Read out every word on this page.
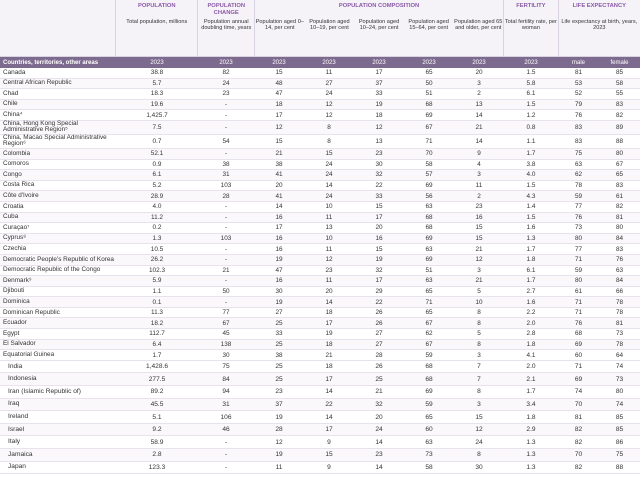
POPULATION
Total population, millions
POPULATION CHANGE
Population annual doubling time, years
POPULATION COMPOSITION
Population aged 0–14, per cent
Population aged 10–19, per cent
Population aged 10–24, per cent
Population aged 15–64, per cent
Population aged 65 and older, per cent
FERTILITY
Total fertility rate, per woman
LIFE EXPECTANCY
Life expectancy at birth, years, 2023
Countries, territories, other areas	2023	2023	2023	2023	2023	2023	2023	2023	male	female
Canada	38.8	82	15	11	17	65	20	1.5	81	85
Central African Republic	5.7	24	48	27	37	50	3	5.8	53	58
Chad	18.3	23	47	24	33	51	2	6.1	52	55
Chile	19.6	-	18	12	19	68	13	1.5	79	83
China⁴	1,425.7	-	17	12	18	69	14	1.2	76	82
China, Hong Kong Special Administrative Region⁵	7.5	-	12	8	12	67	21	0.8	83	89
China, Macao Special Administrative Region⁶	0.7	54	15	8	13	71	14	1.1	83	88
Colombia	52.1	-	21	15	23	70	9	1.7	75	80
Comoros	0.9	38	38	24	30	58	4	3.8	63	67
Congo	6.1	31	41	24	32	57	3	4.0	62	65
Costa Rica	5.2	103	20	14	22	69	11	1.5	78	83
Côte d'Ivoire	28.9	28	41	24	33	56	2	4.3	59	61
Croatia	4.0	-	14	10	15	63	23	1.4	77	82
Cuba	11.2	-	16	11	17	68	16	1.5	76	81
Curaçao⁷	0.2	-	17	13	20	68	15	1.6	73	80
Cyprus⁸	1.3	103	16	10	16	69	15	1.3	80	84
Czechia	10.5	-	16	11	15	63	21	1.7	77	83
Democratic People's Republic of Korea	26.2	-	19	12	19	69	12	1.8	71	76
Democratic Republic of the Congo	102.3	21	47	23	32	51	3	6.1	59	63
Denmark⁹	5.9	-	16	11	17	63	21	1.7	80	84
Djibouti	1.1	50	30	20	29	65	5	2.7	61	66
Dominica	0.1	-	19	14	22	71	10	1.6	71	78
Dominican Republic	11.3	77	27	18	26	65	8	2.2	71	78
Ecuador	18.2	67	25	17	26	67	8	2.0	76	81
Egypt	112.7	45	33	19	27	62	5	2.8	68	73
El Salvador	6.4	138	25	18	27	67	8	1.8	69	78
Equatorial Guinea	1.7	30	38	21	28	59	3	4.1	60	64
India	1,428.6	75	25	18	26	68	7	2.0	71	74
Indonesia	277.5	84	25	17	25	68	7	2.1	69	73
Iran (Islamic Republic of)	89.2	94	23	14	21	69	8	1.7	74	80
Iraq	45.5	31	37	22	32	59	3	3.4	70	74
Ireland	5.1	106	19	14	20	65	15	1.8	81	85
Israel	9.2	46	28	17	24	60	12	2.9	82	85
Italy	58.9	-	12	9	14	63	24	1.3	82	86
Jamaica	2.8	-	19	15	23	73	8	1.3	70	75
Japan	123.3	-	11	9	14	58	30	1.3	82	88
